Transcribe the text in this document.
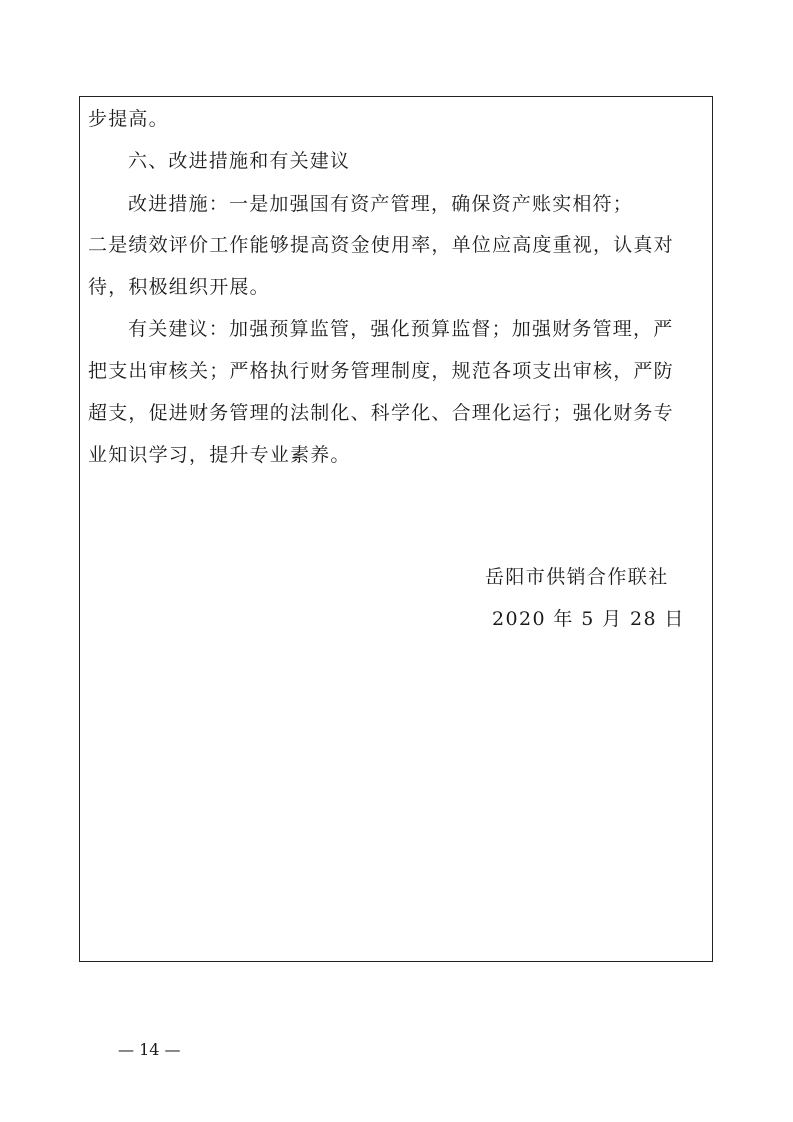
步提高。
六、改进措施和有关建议
改进措施：一是加强国有资产管理，确保资产账实相符；
二是绩效评价工作能够提高资金使用率，单位应高度重视，认真对
待，积极组织开展。
有关建议：加强预算监管，强化预算监督；加强财务管理，严
把支出审核关；严格执行财务管理制度，规范各项支出审核，严防
超支，促进财务管理的法制化、科学化、合理化运行；强化财务专
业知识学习，提升专业素养。
岳阳市供销合作联社
2020 年 5 月 28 日
— 14 —
